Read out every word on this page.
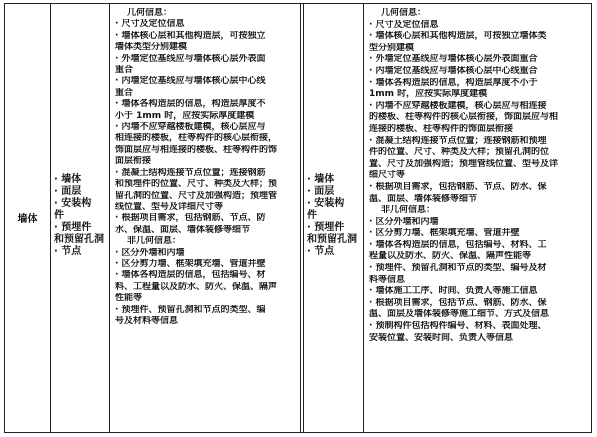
墙体
· 墙体
· 面层
· 安装构
件
· 预埋件
和预留孔洞
· 节点
几何信息：
· 尺寸及定位信息
· 墙体核心层和其他构造层，可按独立
墙体类型分别建模
· 外墙定位基线应与墙体核心层外表面
重合
· 内墙定位基线应与墙体核心层中心线
重合
· 墙体各构造层的信息，构造层厚度不
小于 1mm 时，应按实际厚度建模
· 内墙不应穿越楼板建模，核心层应与
相连接的楼板，柱等构件的核心层衔接，
饰面层应与相连接的楼板、柱等构件的饰
面层衔接
· 混凝土结构连接节点位置；连接钢筋
和预埋件的位置、尺寸、种类及大样；预
留孔洞的位置、尺寸及加强构造；预埋管
线位置、型号及详细尺寸等
· 根据项目需求，包括钢筋、节点、防
水、保温、面层、墙体装修等细节
非几何信息：
· 区分外墙和内墙
· 区分剪力墙、框架填充墙、管道井壁
· 墙体各构造层的信息，包括编号、材
料、工程量以及防水、防火、保温、隔声
性能等
· 预埋件、预留孔洞和节点的类型、编
号及材料等信息
· 墙体
· 面层
· 安装构
件
· 预埋件
和预留孔洞
· 节点
几何信息：
· 尺寸及定位信息
· 墙体核心层和其他构造层，可按独立墙体类
型分别建模
· 外墙定位基线应与墙体核心层外表面重合
· 内墙定位基线应与墙体核心层中心线重合
· 墙体各构造层的信息，构造层厚度不小于
1mm 时，应按实际厚度建模
· 内墙不应穿越楼板建模，核心层应与相连接
的楼板、柱等构件的核心层衔接，饰面层应与相
连接的楼板、柱等构件的饰面层衔接
· 混凝土结构连接节点位置；连接钢筋和预埋
件的位置、尺寸、种类及大样；预留孔洞的位
置、尺寸及加强构造；预埋管线位置、型号及详
细尺寸等
· 根据项目需求，包括钢筋、节点、防水、保
温、面层、墙体装修等细节
非几何信息：
· 区分外墙和内墙
· 区分剪力墙、框架填充墙、管道井壁
· 墙体各构造层的信息，包括编号、材料、工
程量以及防水、防火、保温、隔声性能等
· 预埋件、预留孔洞和节点的类型、编号及材
料等信息
· 墙体施工工序、时间、负责人等施工信息
· 根据项目需求，包括节点、钢筋、防水、保
温、面层及墙体装修等施工细节、方式及信息
· 预制构件包括构件编号、材料、表面处理、
安装位置、安装时间、负责人等信息
